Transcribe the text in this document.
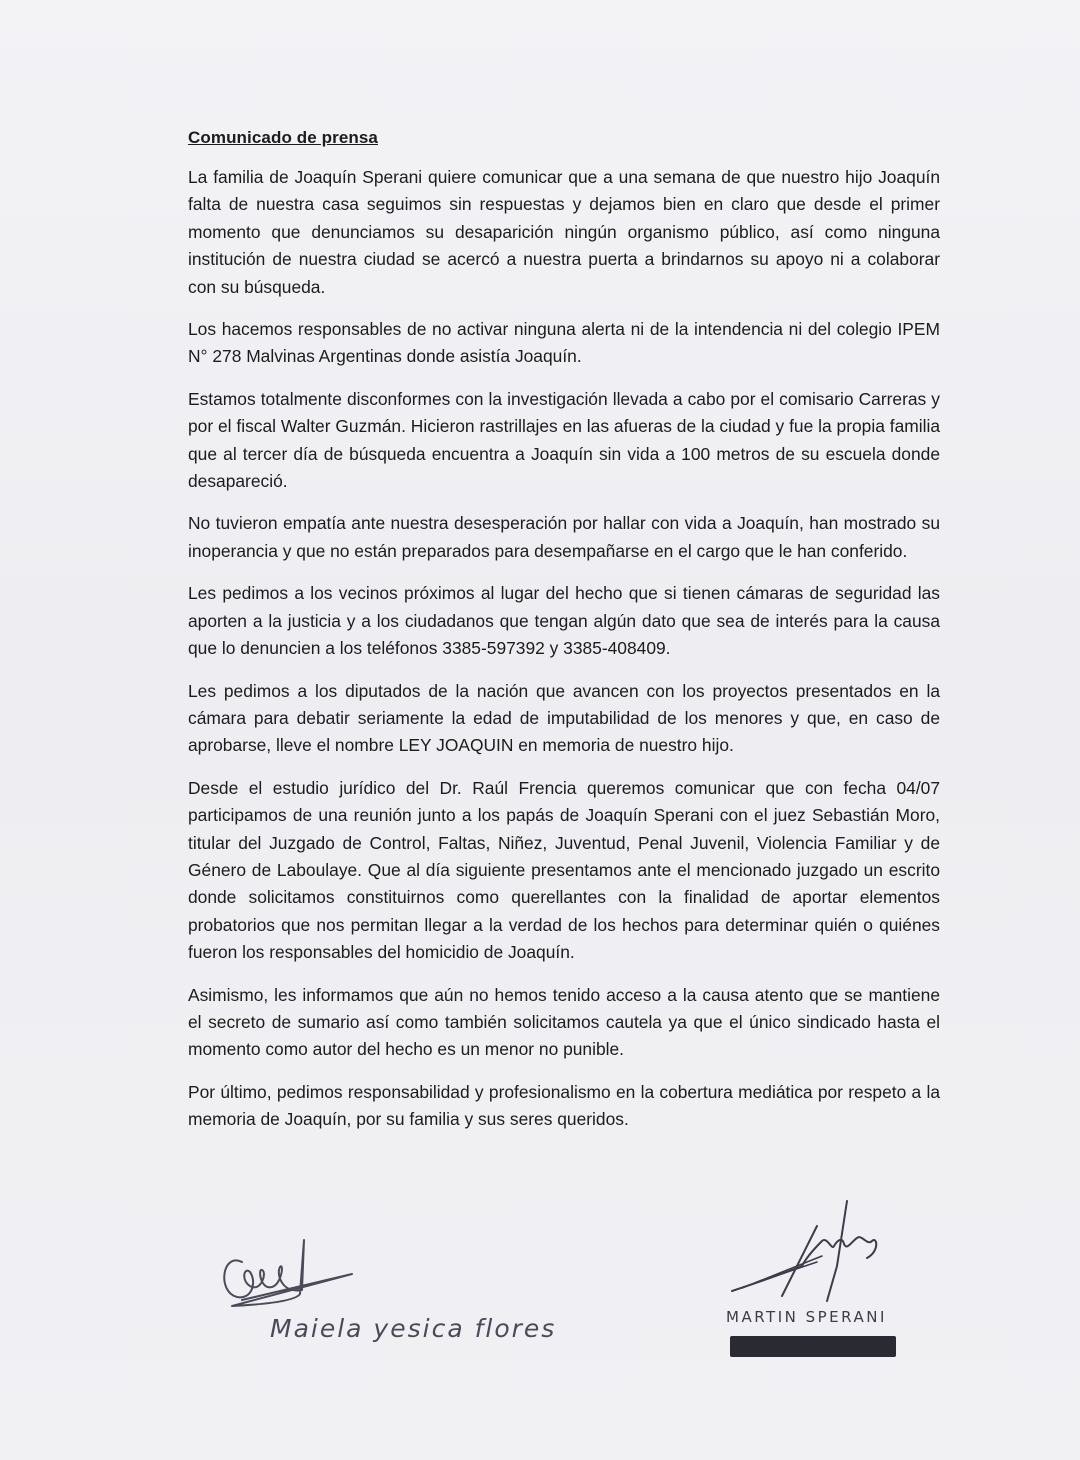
Comunicado de prensa

La familia de Joaquín Sperani quiere comunicar que a una semana de que nuestro hijo Joaquín falta de nuestra casa seguimos sin respuestas y dejamos bien en claro que desde el primer momento que denunciamos su desaparición ningún organismo público, así como ninguna institución de nuestra ciudad se acercó a nuestra puerta a brindarnos su apoyo ni a colaborar con su búsqueda.

Los hacemos responsables de no activar ninguna alerta ni de la intendencia ni del colegio IPEM N° 278 Malvinas Argentinas donde asistía Joaquín.

Estamos totalmente disconformes con la investigación llevada a cabo por el comisario Carreras y por el fiscal Walter Guzmán. Hicieron rastrillajes en las afueras de la ciudad y fue la propia familia que al tercer día de búsqueda encuentra a Joaquín sin vida a 100 metros de su escuela donde desapareció.

No tuvieron empatía ante nuestra desesperación por hallar con vida a Joaquín, han mostrado su inoperancia y que no están preparados para desempañarse en el cargo que le han conferido.

Les pedimos a los vecinos próximos al lugar del hecho que si tienen cámaras de seguridad las aporten a la justicia y a los ciudadanos que tengan algún dato que sea de interés para la causa que lo denuncien a los teléfonos 3385-597392 y 3385-408409.

Les pedimos a los diputados de la nación que avancen con los proyectos presentados en la cámara para debatir seriamente la edad de imputabilidad de los menores y que, en caso de aprobarse, lleve el nombre LEY JOAQUIN en memoria de nuestro hijo.

Desde el estudio jurídico del Dr. Raúl Frencia queremos comunicar que con fecha 04/07 participamos de una reunión junto a los papás de Joaquín Sperani con el juez Sebastián Moro, titular del Juzgado de Control, Faltas, Niñez, Juventud, Penal Juvenil, Violencia Familiar y de Género de Laboulaye. Que al día siguiente presentamos ante el mencionado juzgado un escrito donde solicitamos constituirnos como querellantes con la finalidad de aportar elementos probatorios que nos permitan llegar a la verdad de los hechos para determinar quién o quiénes fueron los responsables del homicidio de Joaquín.

Asimismo, les informamos que aún no hemos tenido acceso a la causa atento que se mantiene el secreto de sumario así como también solicitamos cautela ya que el único sindicado hasta el momento como autor del hecho es un menor no punible.

Por último, pedimos responsabilidad y profesionalismo en la cobertura mediática por respeto a la memoria de Joaquín, por su familia y sus seres queridos.

Maiela yesica flores	MARTIN SPERANI
[DNI redactado]
